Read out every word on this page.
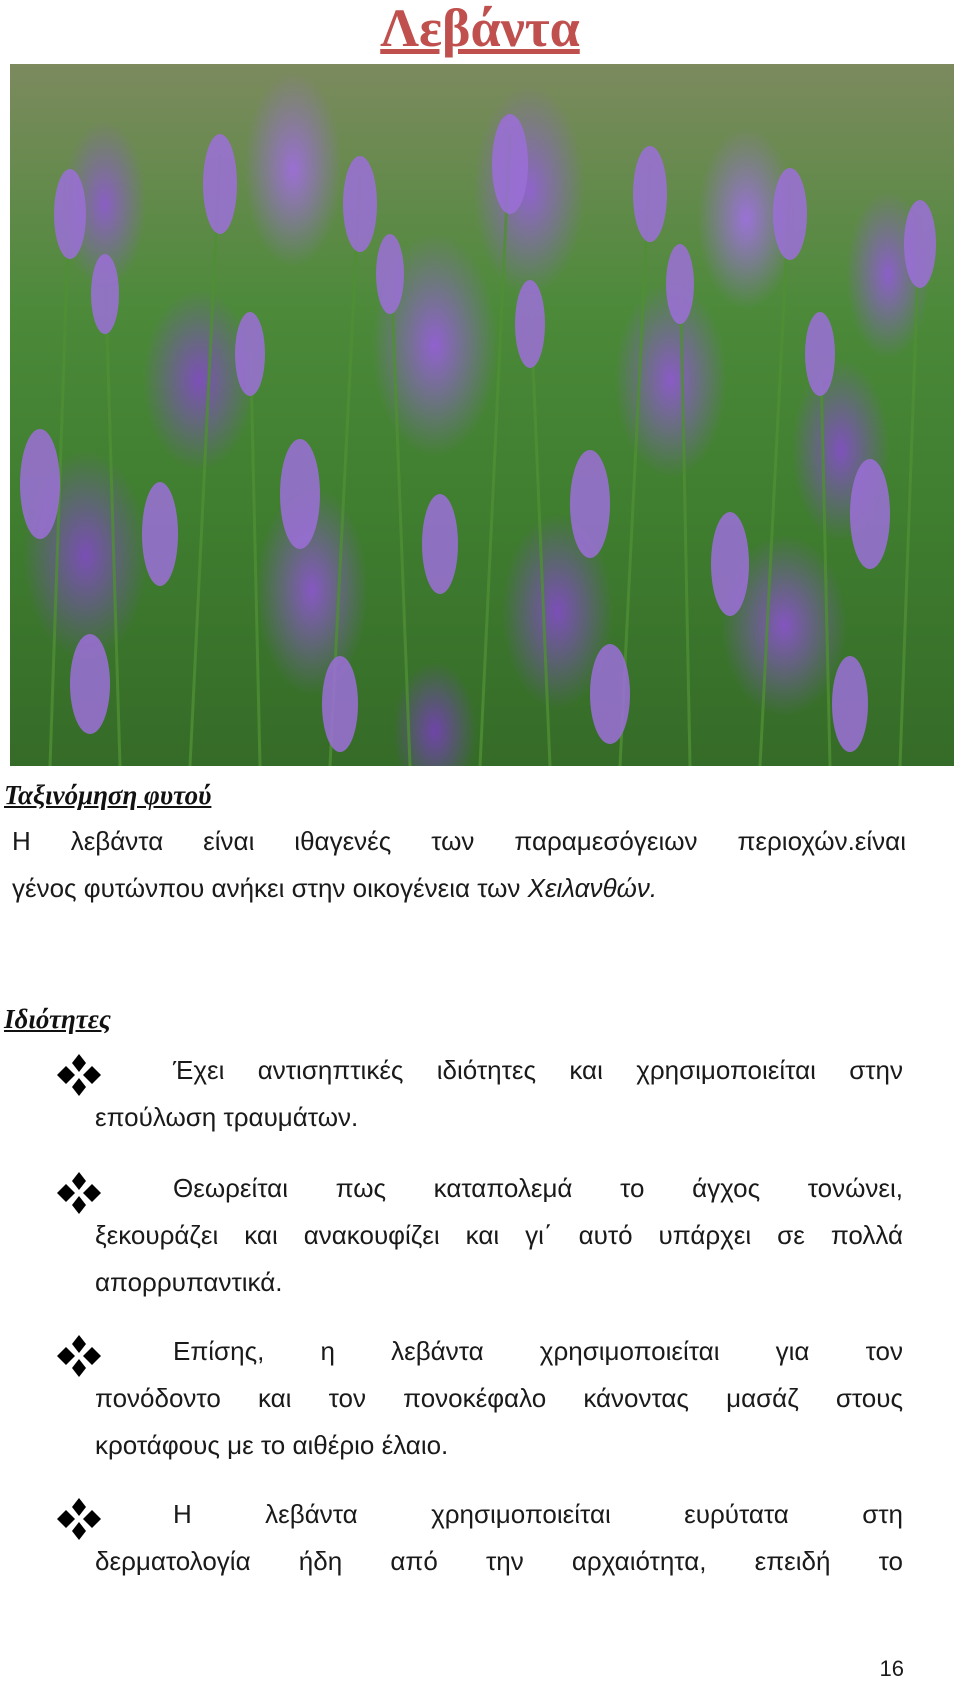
Λεβάντα
Ταξινόμηση φυτού
Η λεβάντα είναι ιθαγενές των παραμεσόγειων περιοχών.είναι
γένος φυτώνπου ανήκει στην οικογένεια των Χειλανθών.
Ιδιότητες
Έχει αντισηπτικές ιδιότητες και χρησιμοποιείται στην
επούλωση τραυμάτων.
Θεωρείται πως καταπολεμά το άγχος τονώνει,
ξεκουράζει και ανακουφίζει και γι΄ αυτό υπάρχει σε πολλά
απορρυπαντικά.
Επίσης, η λεβάντα χρησιμοποιείται για τον
πονόδοντο και τον πονοκέφαλο κάνοντας μασάζ στους
κροτάφους με το αιθέριο έλαιο.
Η λεβάντα χρησιμοποιείται ευρύτατα στη
δερματολογία ήδη από την αρχαιότητα, επειδή το
16
